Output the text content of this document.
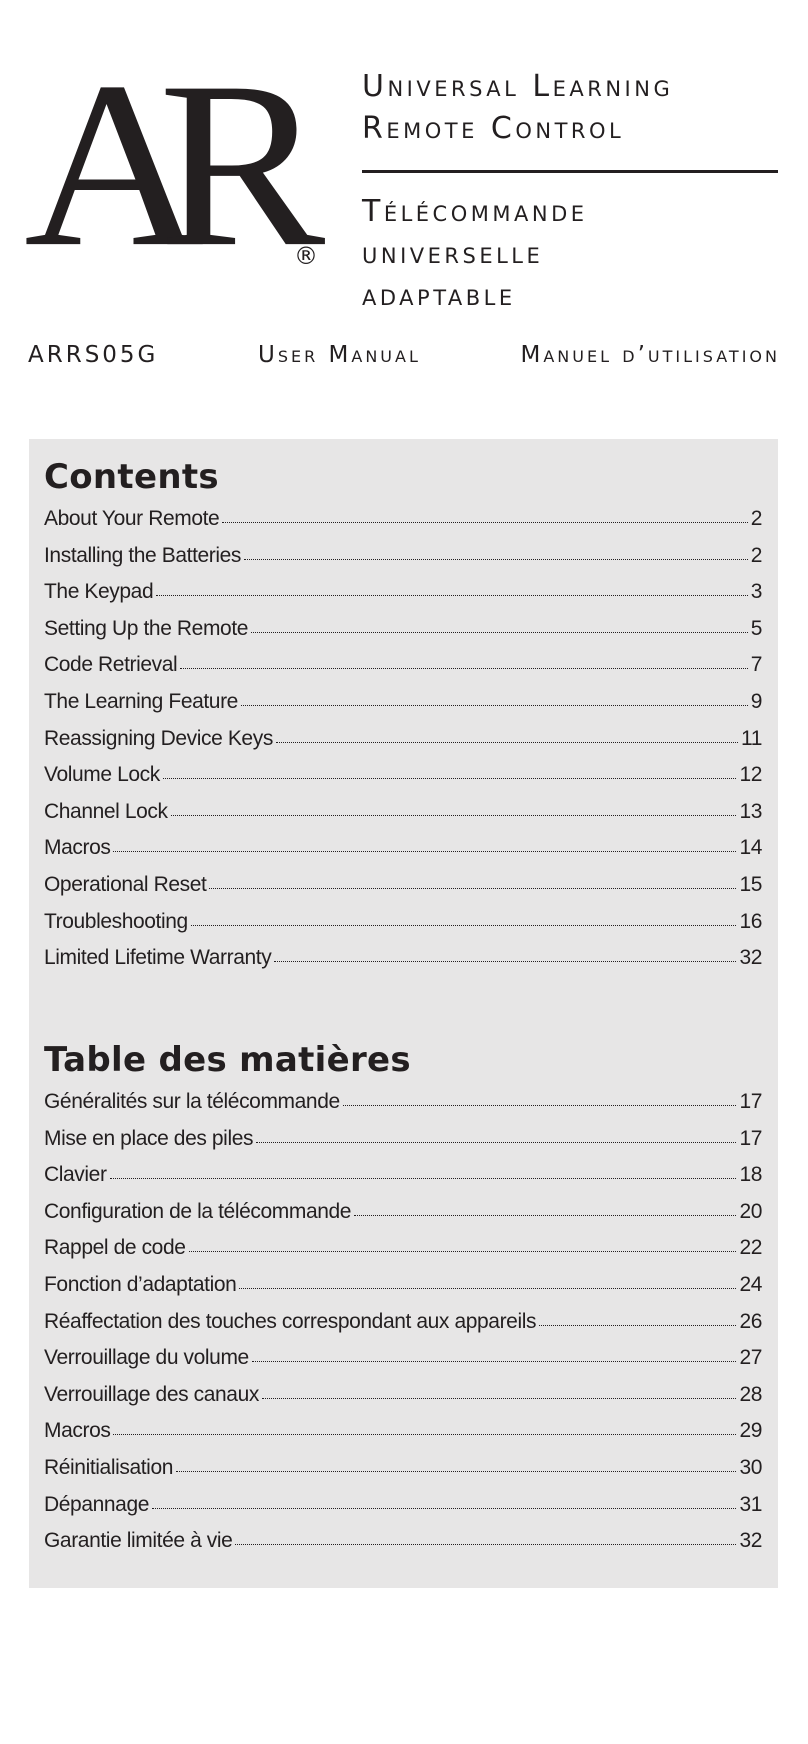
AR ®
Universal Learning
Remote Control
Télécommande
universelle
adaptable
ARRS05G	User Manual	Manuel d’utilisation
Contents
About Your Remote	2
Installing the Batteries	2
The Keypad	3
Setting Up the Remote	5
Code Retrieval	7
The Learning Feature	9
Reassigning Device Keys	11
Volume Lock	12
Channel Lock	13
Macros	14
Operational Reset	15
Troubleshooting	16
Limited Lifetime Warranty	32
Table des matières
Généralités sur la télécommande	17
Mise en place des piles	17
Clavier	18
Configuration de la télécommande	20
Rappel de code	22
Fonction d’adaptation	24
Réaffectation des touches correspondant aux appareils	26
Verrouillage du volume	27
Verrouillage des canaux	28
Macros	29
Réinitialisation	30
Dépannage	31
Garantie limitée à vie	32
